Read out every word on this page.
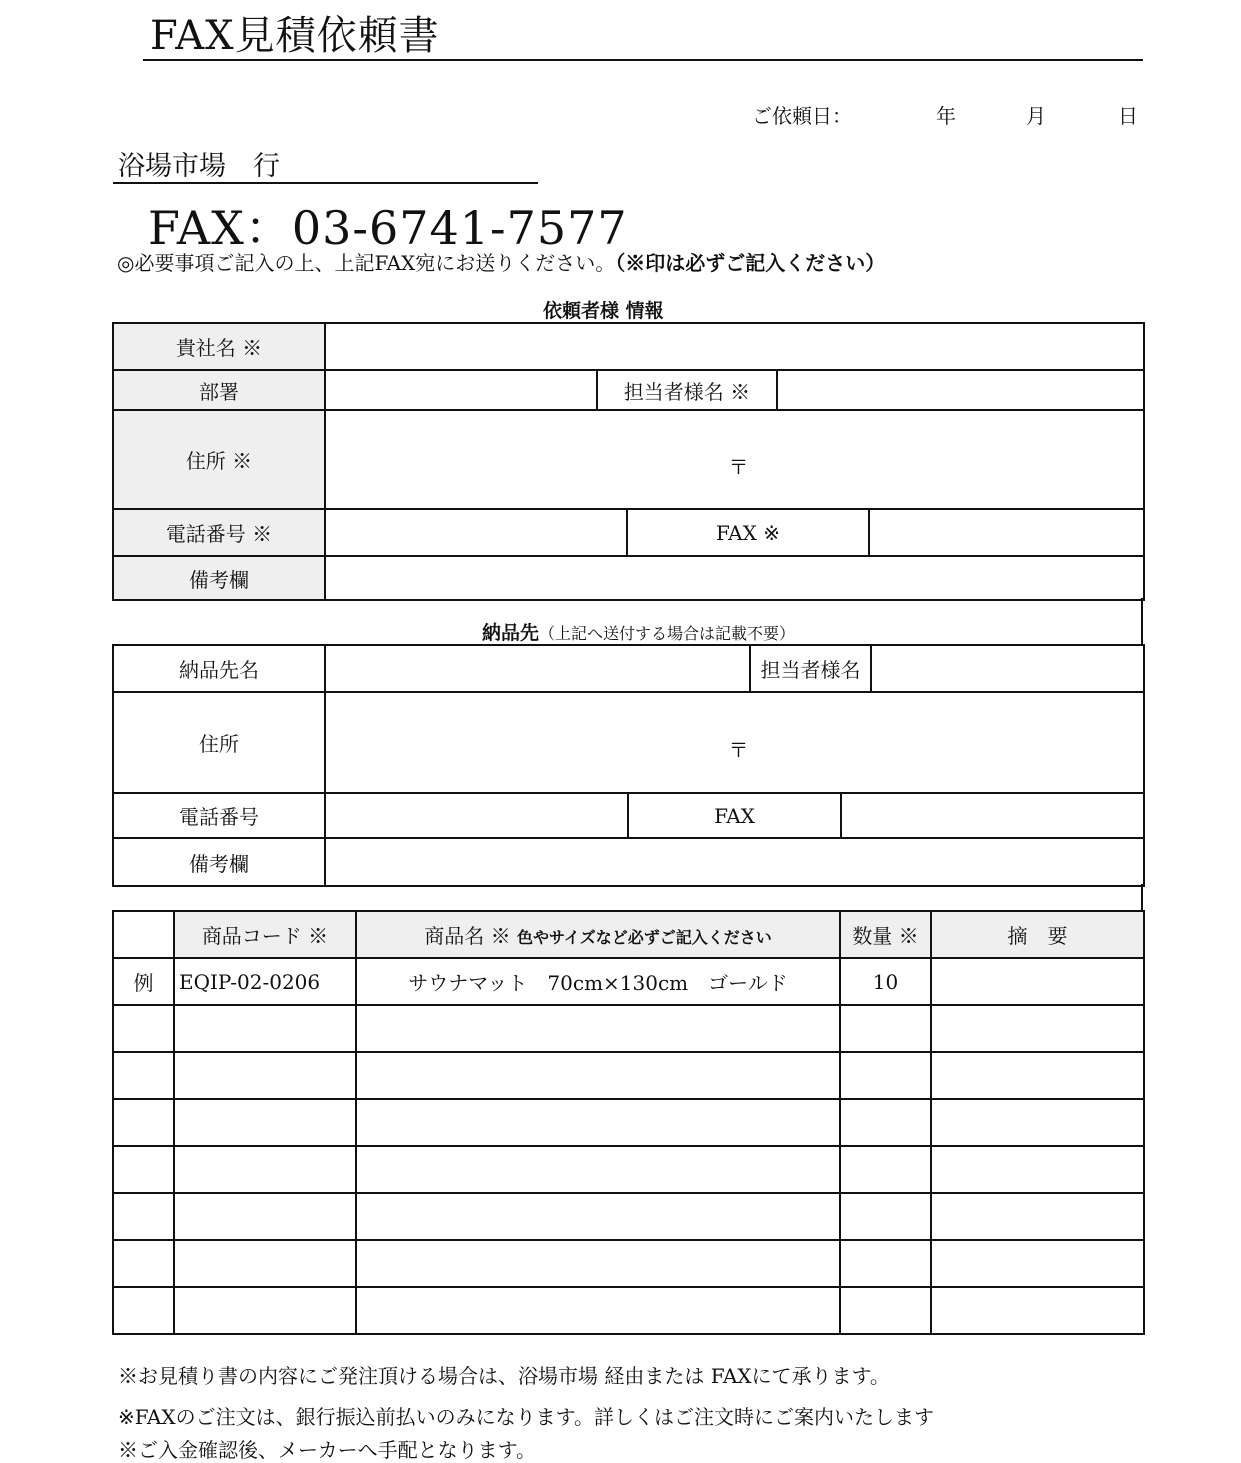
FAX見積依頼書
ご依頼日：	年	月	日
浴場市場　行
FAX：03-6741-7577
◎必要事項ご記入の上、上記FAX宛にお送りください。（※印は必ずご記入ください）
依頼者様 情報
貴社名 ※					
部署		担当者様名 ※			
住所 ※	〒				

電話番号 ※			FAX ※		
備考欄					
納品先（上記へ送付する場合は記載不要）
納品先名			担当者様名		
住所	〒				

電話番号		FAX			
備考欄					
	商品コード ※	商品名 ※ 色やサイズなど必ずご記入ください	数量 ※	摘　要
例	EQIP-02-0206	サウナマット　70cm×130cm　ゴールド	10	

※お見積り書の内容にご発注頂ける場合は、浴場市場 経由または FAXにて承ります。
※FAXのご注文は、銀行振込前払いのみになります。詳しくはご注文時にご案内いたします
※ご入金確認後、メーカーへ手配となります。
